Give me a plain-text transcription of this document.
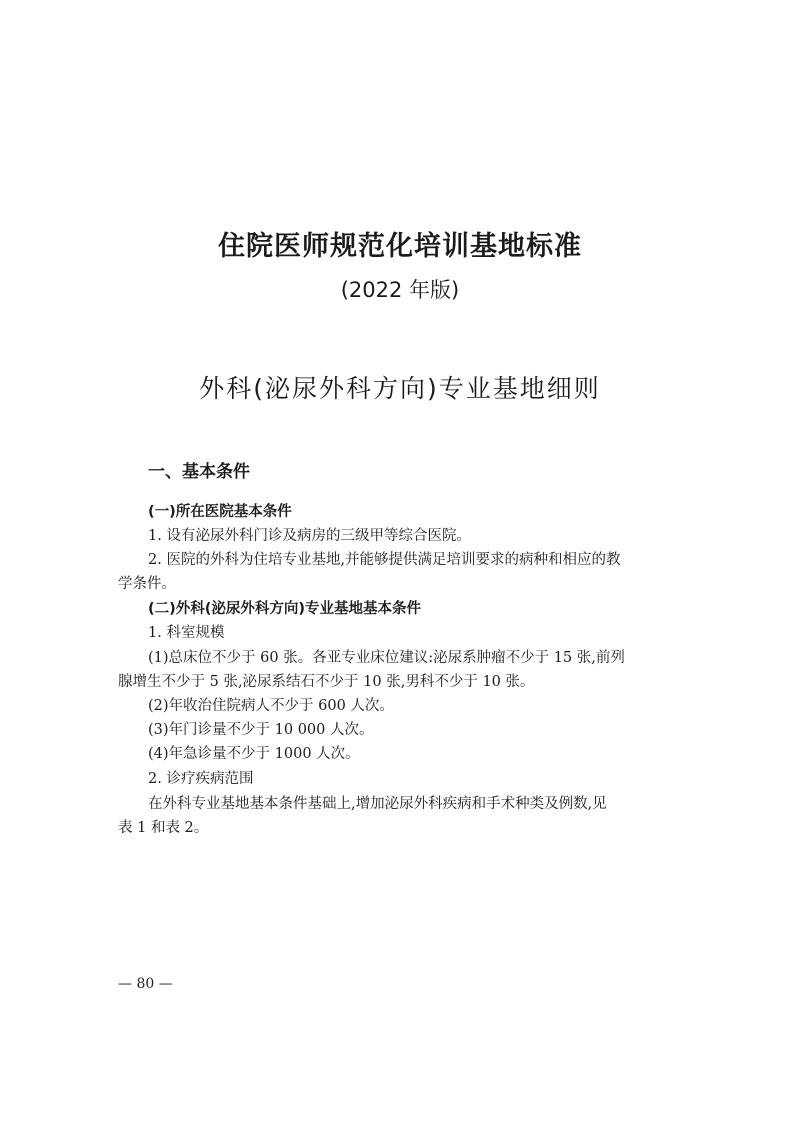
住院医师规范化培训基地标准
(2022 年版)
外科(泌尿外科方向)专业基地细则
一、基本条件
(一)所在医院基本条件
1. 设有泌尿外科门诊及病房的三级甲等综合医院。
2. 医院的外科为住培专业基地,并能够提供满足培训要求的病种和相应的教
学条件。
(二)外科(泌尿外科方向)专业基地基本条件
1. 科室规模
(1)总床位不少于 60 张。各亚专业床位建议:泌尿系肿瘤不少于 15 张,前列
腺增生不少于 5 张,泌尿系结石不少于 10 张,男科不少于 10 张。
(2)年收治住院病人不少于 600 人次。
(3)年门诊量不少于 10 000 人次。
(4)年急诊量不少于 1000 人次。
2. 诊疗疾病范围
在外科专业基地基本条件基础上,增加泌尿外科疾病和手术种类及例数,见
表 1 和表 2。
— 80 —
